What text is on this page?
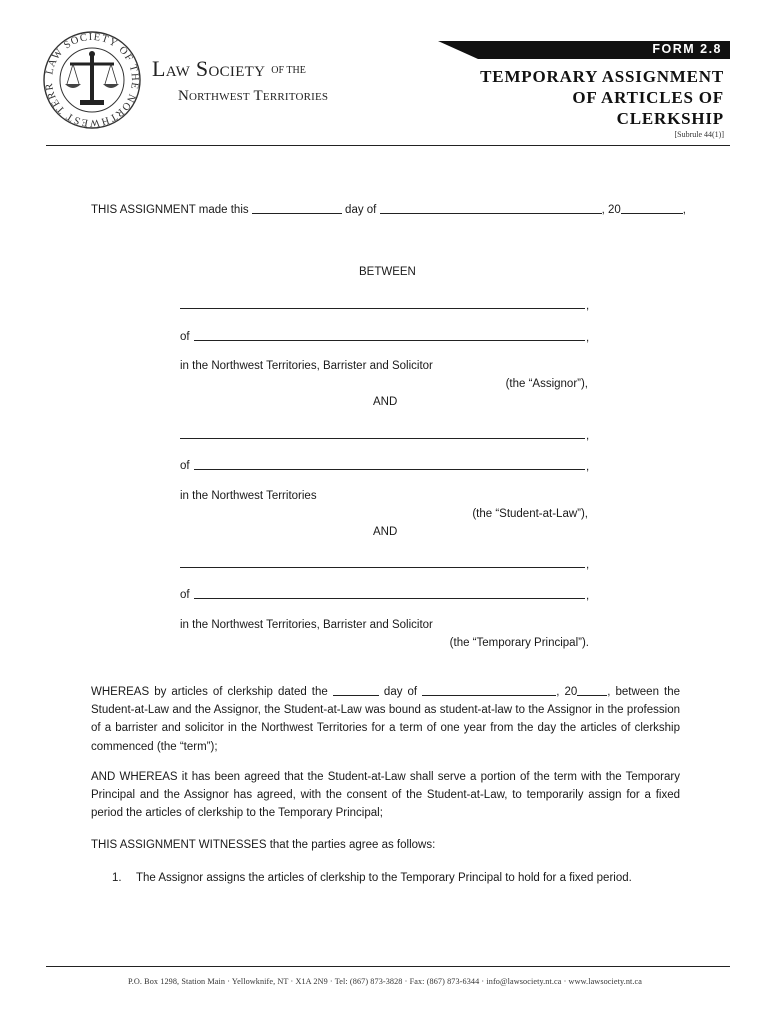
LAW SOCIETY OF THE NORTHWEST TERR
Law Society OF THE
Northwest Territories
FORM 2.8
TEMPORARY ASSIGNMENT
OF ARTICLES OF
CLERKSHIP
[Subrule 44(1)]
THIS ASSIGNMENT made this	day of	, 20	,
BETWEEN
,
of	,
in the Northwest Territories, Barrister and Solicitor
(the “Assignor”),
AND
,
of	,
in the Northwest Territories
(the “Student-at-Law”),
AND
,
of	,
in the Northwest Territories, Barrister and Solicitor
(the “Temporary Principal”).
WHEREAS by articles of clerkship dated the	day of	, 20	, between the Student-at-Law and the Assignor, the Student-at-Law was bound as student-at-law to the Assignor in the profession of a barrister and solicitor in the Northwest Territories for a term of one year from the day the articles of clerkship commenced (the “term”);
AND WHEREAS it has been agreed that the Student-at-Law shall serve a portion of the term with the Temporary Principal and the Assignor has agreed, with the consent of the Student-at-Law, to temporarily assign for a fixed period the articles of clerkship to the Temporary Principal;
THIS ASSIGNMENT WITNESSES that the parties agree as follows:
1. The Assignor assigns the articles of clerkship to the Temporary Principal to hold for a fixed period.
P.O. Box 1298, Station Main · Yellowknife, NT · X1A 2N9 · Tel: (867) 873-3828 · Fax: (867) 873-6344 · info@lawsociety.nt.ca · www.lawsociety.nt.ca
